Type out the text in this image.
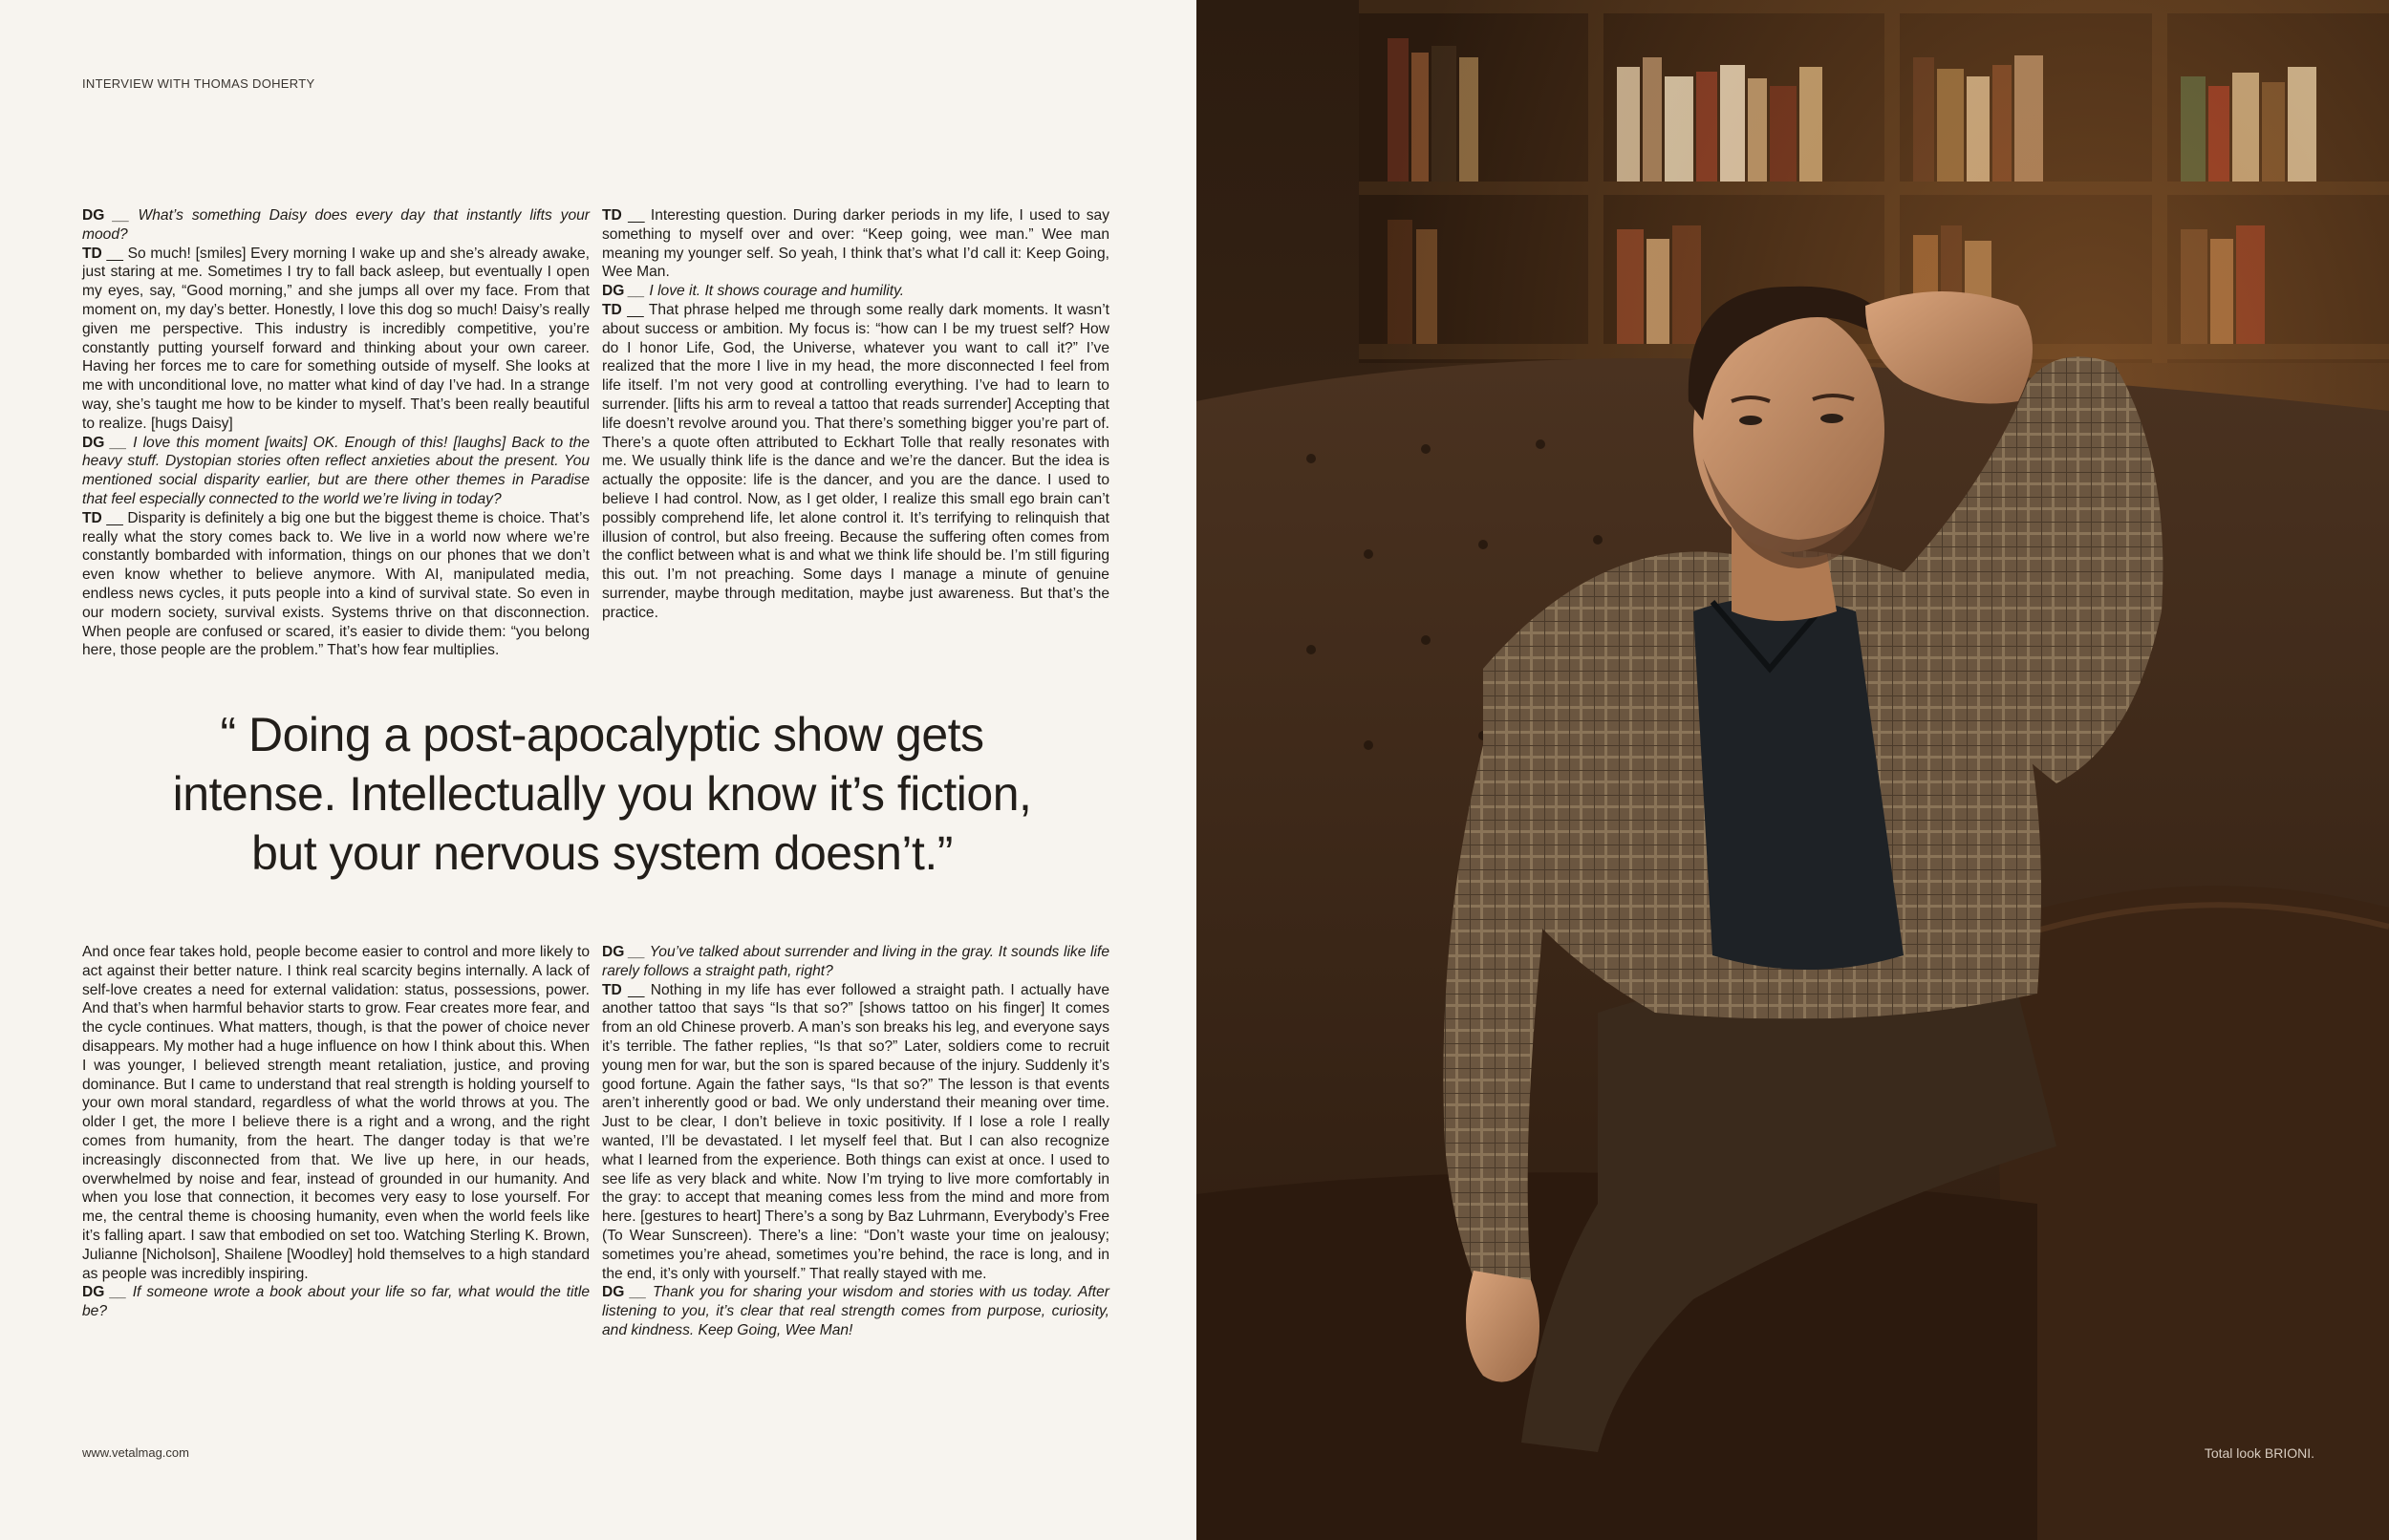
INTERVIEW WITH THOMAS DOHERTY

DG __ What’s something Daisy does every day that instantly lifts your mood?

TD __ So much! [smiles] Every morning I wake up and she’s already awake, just staring at me. Sometimes I try to fall back asleep, but eventually I open my eyes, say, “Good morning,” and she jumps all over my face. From that moment on, my day’s better. Honestly, I love this dog so much! Daisy’s really given me perspective. This industry is incredibly competitive, you’re constantly putting yourself forward and thinking about your own career. Having her forces me to care for something outside of myself. She looks at me with unconditional love, no matter what kind of day I’ve had. In a strange way, she’s taught me how to be kinder to myself. That’s been really beautiful to realize. [hugs Daisy]

DG __ I love this moment [waits] OK. Enough of this! [laughs] Back to the heavy stuff. Dystopian stories often reflect anxieties about the present. You mentioned social disparity earlier, but are there other themes in Paradise that feel especially connected to the world we’re living in today?

TD __ Disparity is definitely a big one but the biggest theme is choice. That’s really what the story comes back to. We live in a world now where we’re constantly bombarded with information, things on our phones that we don’t even know whether to believe anymore. With AI, manipulated media, endless news cycles, it puts people into a kind of survival state. So even in our modern society, survival exists. Systems thrive on that disconnection. When people are confused or scared, it’s easier to divide them: “you belong here, those people are the problem.” That’s how fear multiplies.

TD __ Interesting question. During darker periods in my life, I used to say something to myself over and over: “Keep going, wee man.” Wee man meaning my younger self. So yeah, I think that’s what I’d call it: Keep Going, Wee Man.

DG __ I love it. It shows courage and humility.

TD __ That phrase helped me through some really dark moments. It wasn’t about success or ambition. My focus is: “how can I be my truest self? How do I honor Life, God, the Universe, whatever you want to call it?” I’ve realized that the more I live in my head, the more disconnected I feel from life itself. I’m not very good at controlling everything. I’ve had to learn to surrender. [lifts his arm to reveal a tattoo that reads surrender] Accepting that life doesn’t revolve around you. That there’s something bigger you’re part of. There’s a quote often attributed to Eckhart Tolle that really resonates with me. We usually think life is the dance and we’re the dancer. But the idea is actually the opposite: life is the dancer, and you are the dance. I used to believe I had control. Now, as I get older, I realize this small ego brain can’t possibly comprehend life, let alone control it. It’s terrifying to relinquish that illusion of control, but also freeing. Because the suffering often comes from the conflict between what is and what we think life should be. I’m still figuring this out. I’m not preaching. Some days I manage a minute of genuine surrender, maybe through meditation, maybe just awareness. But that’s the practice.

“ Doing a post-apocalyptic show gets
intense. Intellectually you know it’s fiction,
but your nervous system doesn’t.”

And once fear takes hold, people become easier to control and more likely to act against their better nature. I think real scarcity begins internally. A lack of self-love creates a need for external validation: status, possessions, power. And that’s when harmful behavior starts to grow. Fear creates more fear, and the cycle continues. What matters, though, is that the power of choice never disappears. My mother had a huge influence on how I think about this. When I was younger, I believed strength meant retaliation, justice, and proving dominance. But I came to understand that real strength is holding yourself to your own moral standard, regardless of what the world throws at you. The older I get, the more I believe there is a right and a wrong, and the right comes from humanity, from the heart. The danger today is that we’re increasingly disconnected from that. We live up here, in our heads, overwhelmed by noise and fear, instead of grounded in our humanity. And when you lose that connection, it becomes very easy to lose yourself. For me, the central theme is choosing humanity, even when the world feels like it’s falling apart. I saw that embodied on set too. Watching Sterling K. Brown, Julianne [Nicholson], Shailene [Woodley] hold themselves to a high standard as people was incredibly inspiring.

DG __ If someone wrote a book about your life so far, what would the title be?

DG __ You’ve talked about surrender and living in the gray. It sounds like life rarely follows a straight path, right?

TD __ Nothing in my life has ever followed a straight path. I actually have another tattoo that says “Is that so?” [shows tattoo on his finger] It comes from an old Chinese proverb. A man’s son breaks his leg, and everyone says it’s terrible. The father replies, “Is that so?” Later, soldiers come to recruit young men for war, but the son is spared because of the injury. Suddenly it’s good fortune. Again the father says, “Is that so?” The lesson is that events aren’t inherently good or bad. We only understand their meaning over time. Just to be clear, I don’t believe in toxic positivity. If I lose a role I really wanted, I’ll be devastated. I let myself feel that. But I can also recognize what I learned from the experience. Both things can exist at once. I used to see life as very black and white. Now I’m trying to live more comfortably in the gray: to accept that meaning comes less from the mind and more from here. [gestures to heart] There’s a song by Baz Luhrmann, Everybody’s Free (To Wear Sunscreen). There’s a line: “Don’t waste your time on jealousy; sometimes you’re ahead, sometimes you’re behind, the race is long, and in the end, it’s only with yourself.” That really stayed with me.

DG __ Thank you for sharing your wisdom and stories with us today. After listening to you, it’s clear that real strength comes from purpose, curiosity, and kindness. Keep Going, Wee Man!

www.vetalmag.com	Total look BRIONI.
